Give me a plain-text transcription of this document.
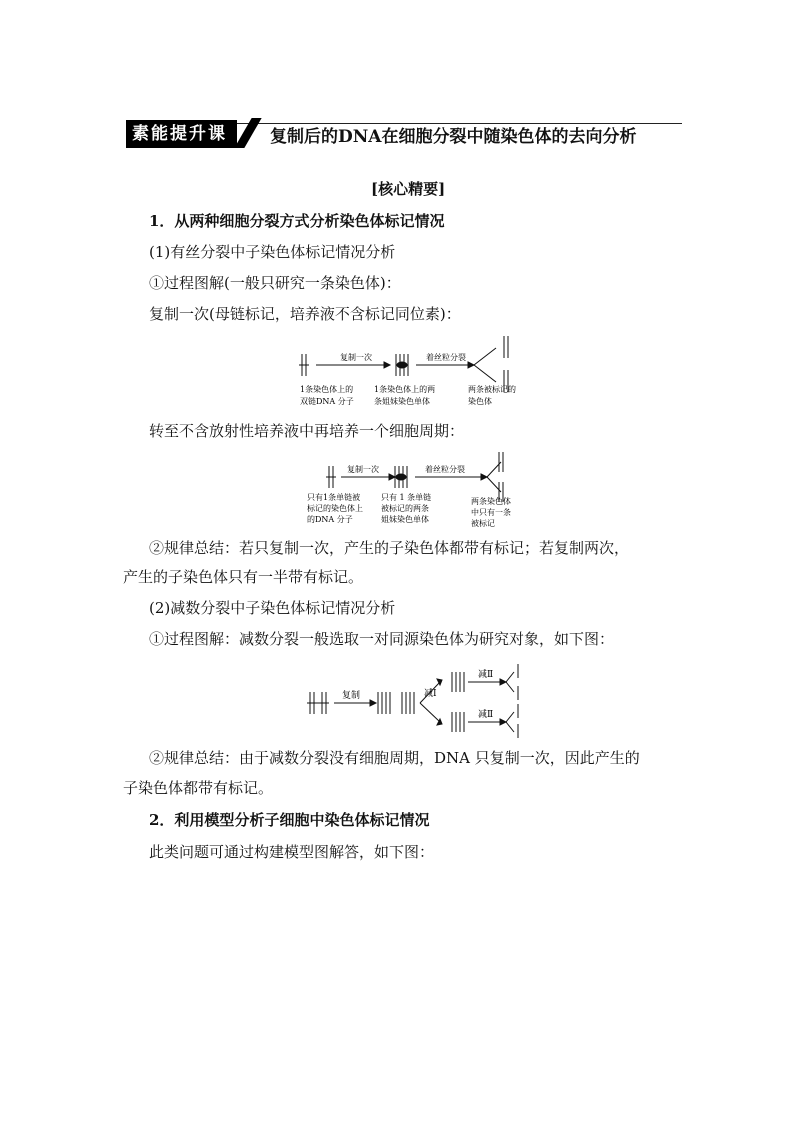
素能提升课	复制后的DNA在细胞分裂中随染色体的去向分析
[核心精要]
1．从两种细胞分裂方式分析染色体标记情况
(1)有丝分裂中子染色体标记情况分析
①过程图解(一般只研究一条染色体)：
复制一次(母链标记，培养液不含标记同位素)：
复制一次	着丝粒分裂
1条染色体上的
双链DNA 分子
1条染色体上的两
条姐妹染色单体
两条被标记的
染色体
转至不含放射性培养液中再培养一个细胞周期：
复制一次	着丝粒分裂
只有1条单链被
标记的染色体上
的DNA 分子
只有 1 条单链
被标记的两条
姐妹染色单体
两条染色体
中只有一条
被标记
②规律总结：若只复制一次，产生的子染色体都带有标记；若复制两次，
产生的子染色体只有一半带有标记。
(2)减数分裂中子染色体标记情况分析
①过程图解：减数分裂一般选取一对同源染色体为研究对象，如下图：
复制	减Ⅰ
减Ⅱ
减Ⅱ
②规律总结：由于减数分裂没有细胞周期，DNA 只复制一次，因此产生的
子染色体都带有标记。
2．利用模型分析子细胞中染色体标记情况
此类问题可通过构建模型图解答，如下图：
